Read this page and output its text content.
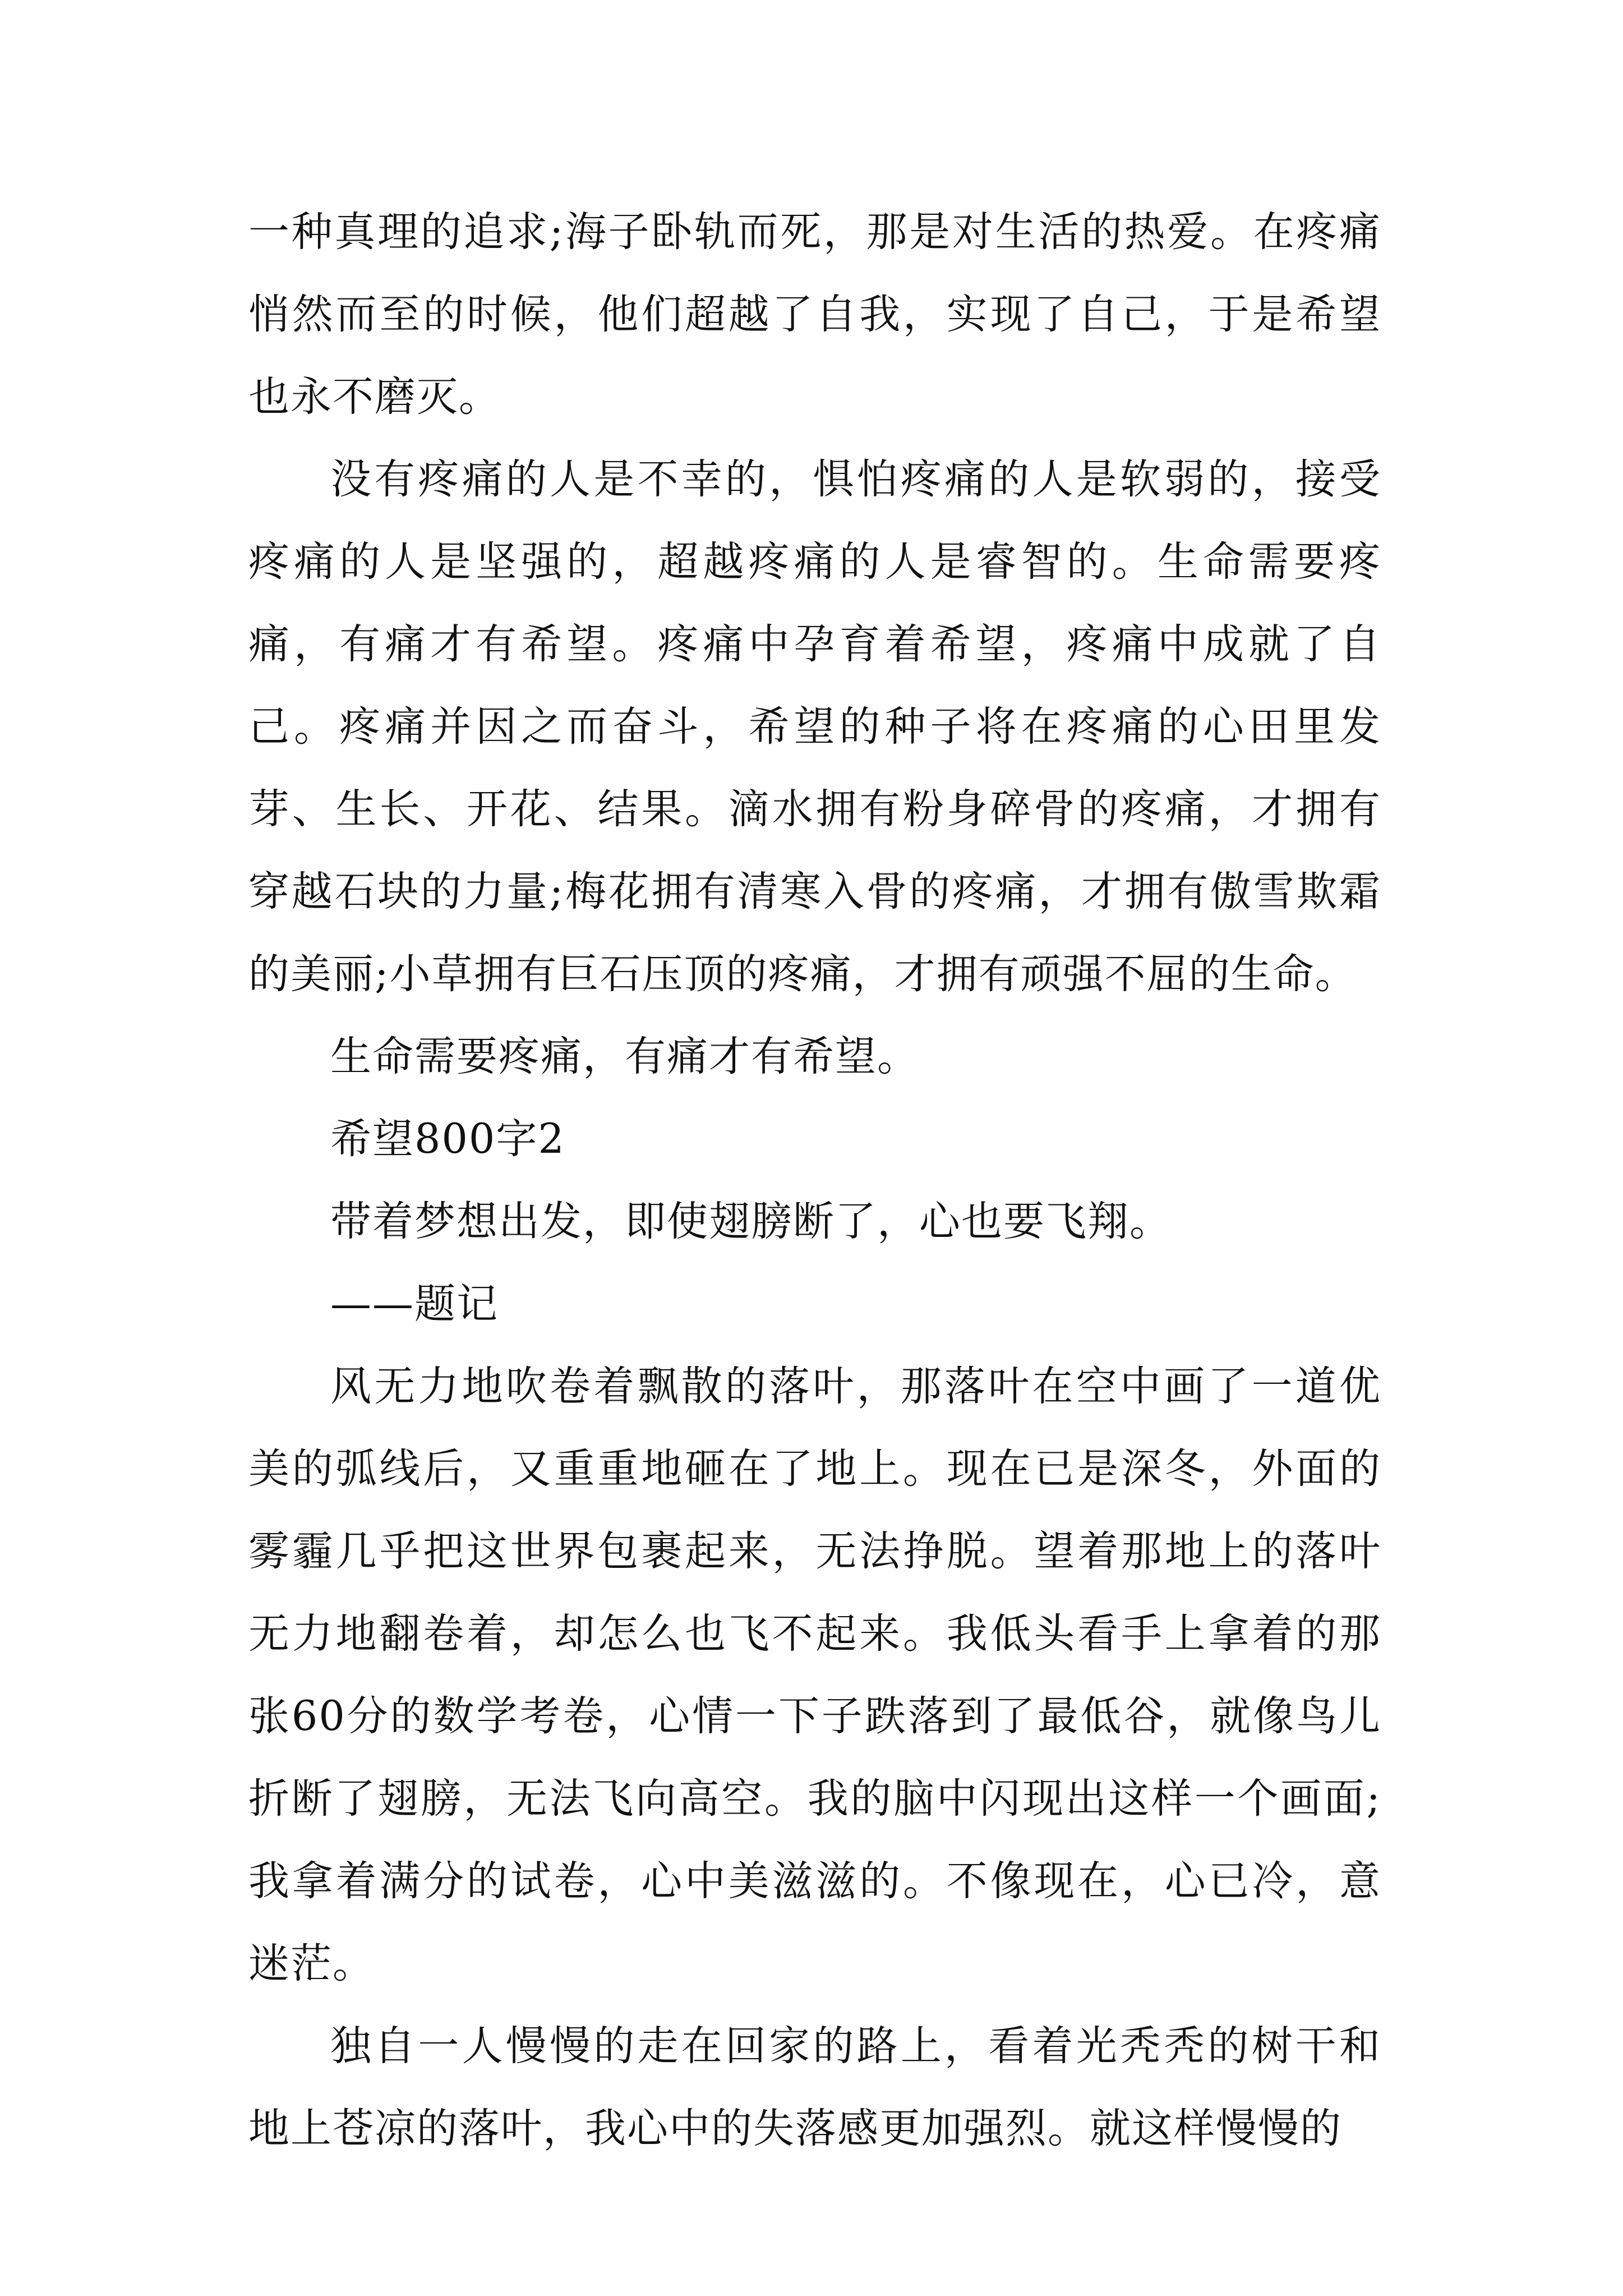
一种真理的追求;海子卧轨而死，那是对生活的热爱。在疼痛悄然而至的时候，他们超越了自我，实现了自己，于是希望也永不磨灭。

没有疼痛的人是不幸的，惧怕疼痛的人是软弱的，接受疼痛的人是坚强的，超越疼痛的人是睿智的。生命需要疼痛，有痛才有希望。疼痛中孕育着希望，疼痛中成就了自己。疼痛并因之而奋斗，希望的种子将在疼痛的心田里发芽、生长、开花、结果。滴水拥有粉身碎骨的疼痛，才拥有穿越石块的力量;梅花拥有清寒入骨的疼痛，才拥有傲雪欺霜的美丽;小草拥有巨石压顶的疼痛，才拥有顽强不屈的生命。

生命需要疼痛，有痛才有希望。

希望800字2

带着梦想出发，即使翅膀断了，心也要飞翔。

——题记

风无力地吹卷着飘散的落叶，那落叶在空中画了一道优美的弧线后，又重重地砸在了地上。现在已是深冬，外面的雾霾几乎把这世界包裹起来，无法挣脱。望着那地上的落叶无力地翻卷着，却怎么也飞不起来。我低头看手上拿着的那张60分的数学考卷，心情一下子跌落到了最低谷，就像鸟儿折断了翅膀，无法飞向高空。我的脑中闪现出这样一个画面;我拿着满分的试卷，心中美滋滋的。不像现在，心已冷，意迷茫。

独自一人慢慢的走在回家的路上，看着光秃秃的树干和地上苍凉的落叶，我心中的失落感更加强烈。就这样慢慢的
